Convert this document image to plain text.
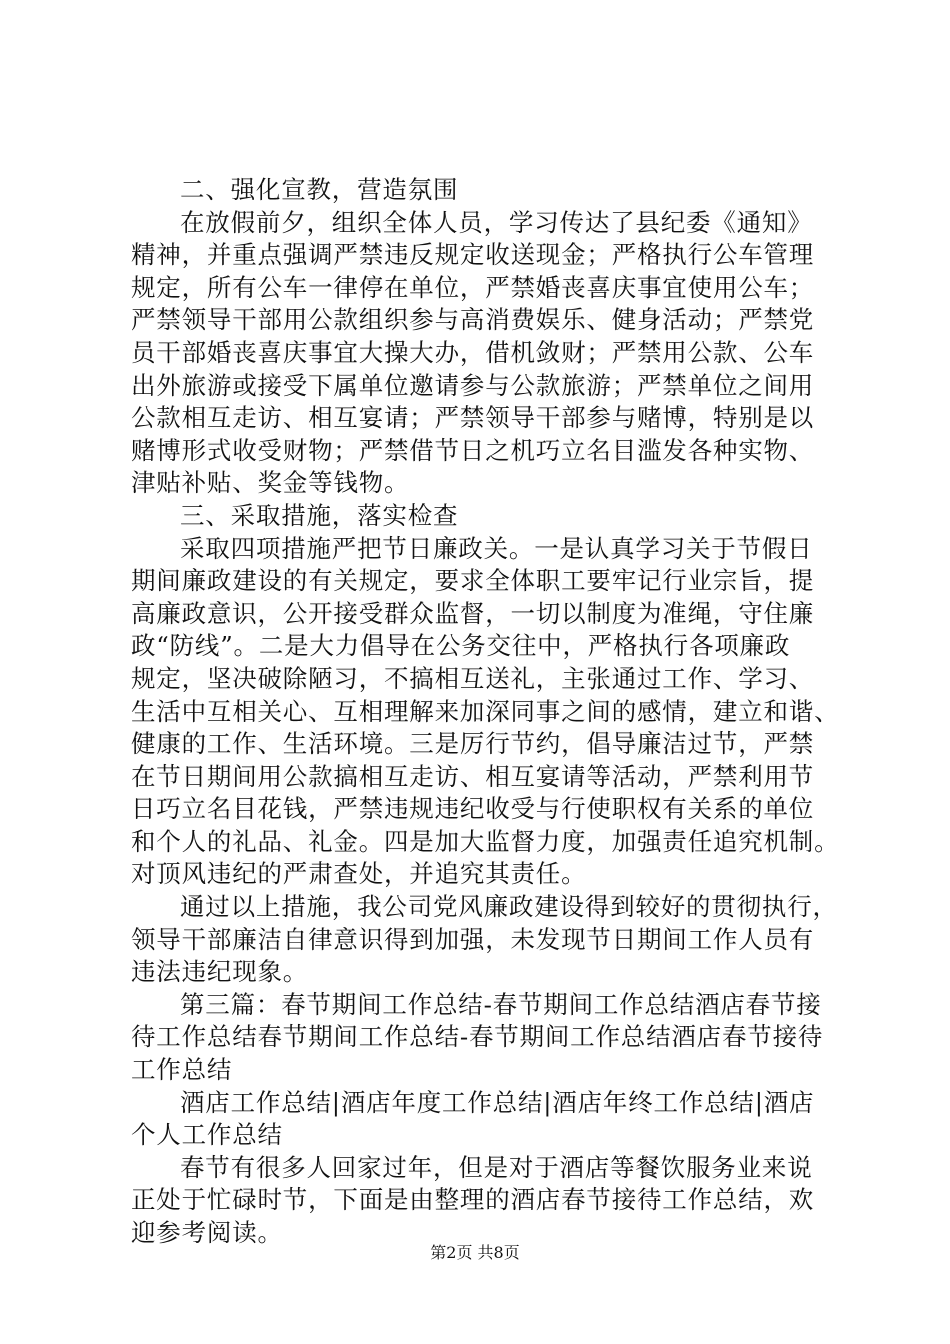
二、强化宣教，营造氛围
在放假前夕，组织全体人员，学习传达了县纪委《通知》
精神，并重点强调严禁违反规定收送现金；严格执行公车管理
规定，所有公车一律停在单位，严禁婚丧喜庆事宜使用公车；
严禁领导干部用公款组织参与高消费娱乐、健身活动；严禁党
员干部婚丧喜庆事宜大操大办，借机敛财；严禁用公款、公车
出外旅游或接受下属单位邀请参与公款旅游；严禁单位之间用
公款相互走访、相互宴请；严禁领导干部参与赌博，特别是以
赌博形式收受财物；严禁借节日之机巧立名目滥发各种实物、
津贴补贴、奖金等钱物。
三、采取措施，落实检查
采取四项措施严把节日廉政关。一是认真学习关于节假日
期间廉政建设的有关规定，要求全体职工要牢记行业宗旨，提
高廉政意识，公开接受群众监督，一切以制度为准绳，守住廉
政“防线”。二是大力倡导在公务交往中，严格执行各项廉政
规定，坚决破除陋习，不搞相互送礼，主张通过工作、学习、
生活中互相关心、互相理解来加深同事之间的感情，建立和谐、
健康的工作、生活环境。三是厉行节约，倡导廉洁过节，严禁
在节日期间用公款搞相互走访、相互宴请等活动，严禁利用节
日巧立名目花钱，严禁违规违纪收受与行使职权有关系的单位
和个人的礼品、礼金。四是加大监督力度，加强责任追究机制。
对顶风违纪的严肃查处，并追究其责任。
通过以上措施，我公司党风廉政建设得到较好的贯彻执行，
领导干部廉洁自律意识得到加强，未发现节日期间工作人员有
违法违纪现象。
第三篇：春节期间工作总结-春节期间工作总结酒店春节接
待工作总结春节期间工作总结-春节期间工作总结酒店春节接待
工作总结
酒店工作总结|酒店年度工作总结|酒店年终工作总结|酒店
个人工作总结
春节有很多人回家过年，但是对于酒店等餐饮服务业来说
正处于忙碌时节，下面是由整理的酒店春节接待工作总结，欢
迎参考阅读。
第2页 共8页
